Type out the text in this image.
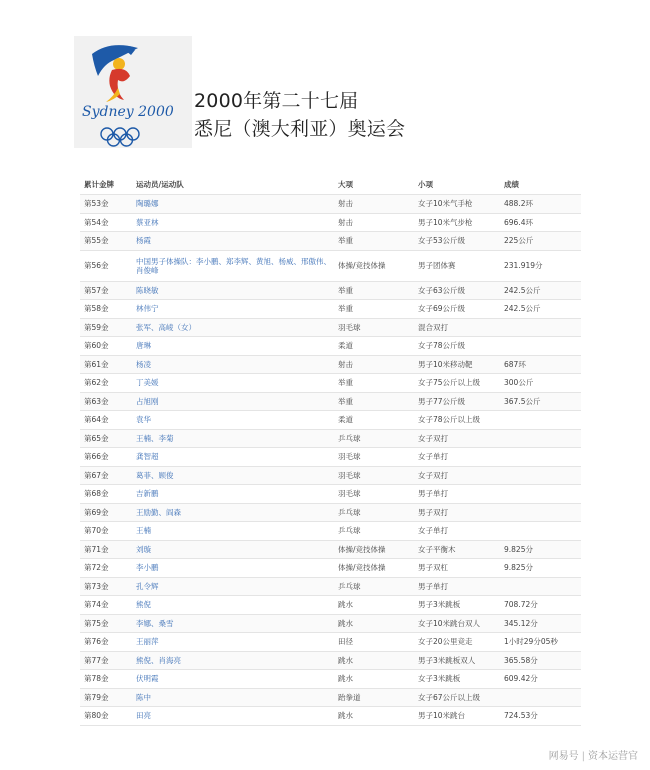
Sydney 2000 2000年第二十七届
悉尼（澳大利亚）奥运会
累计金牌	运动员/运动队	大项	小项	成绩
第53金	陶璐娜	射击	女子10米气手枪	488.2环
第54金	蔡亚林	射击	男子10米气步枪	696.4环
第55金	杨霞	举重	女子53公斤级	225公斤
第56金	中国男子体操队：李小鹏、郑李辉、黄旭、杨威、邢傲伟、肖俊峰	体操/竞技体操	男子团体赛	231.919分
第57金	陈晓敏	举重	女子63公斤级	242.5公斤
第58金	林伟宁	举重	女子69公斤级	242.5公斤
第59金	张军、高崚（女）	羽毛球	混合双打	
第60金	唐琳	柔道	女子78公斤级	
第61金	杨凌	射击	男子10米移动靶	687环
第62金	丁美媛	举重	女子75公斤以上级	300公斤
第63金	占旭刚	举重	男子77公斤级	367.5公斤
第64金	袁华	柔道	女子78公斤以上级	
第65金	王楠、李菊	乒乓球	女子双打	
第66金	龚智超	羽毛球	女子单打	
第67金	葛菲、顾俊	羽毛球	女子双打	
第68金	吉新鹏	羽毛球	男子单打	
第69金	王励勤、阎森	乒乓球	男子双打	
第70金	王楠	乒乓球	女子单打	
第71金	刘璇	体操/竞技体操	女子平衡木	9.825分
第72金	李小鹏	体操/竞技体操	男子双杠	9.825分
第73金	孔令辉	乒乓球	男子单打	
第74金	熊倪	跳水	男子3米跳板	708.72分
第75金	李娜、桑雪	跳水	女子10米跳台双人	345.12分
第76金	王丽萍	田径	女子20公里竞走	1小时29分05秒
第77金	熊倪、肖海亮	跳水	男子3米跳板双人	365.58分
第78金	伏明霞	跳水	女子3米跳板	609.42分
第79金	陈中	跆拳道	女子67公斤以上级	
第80金	田亮	跳水	男子10米跳台	724.53分
网易号 | 资本运营官
